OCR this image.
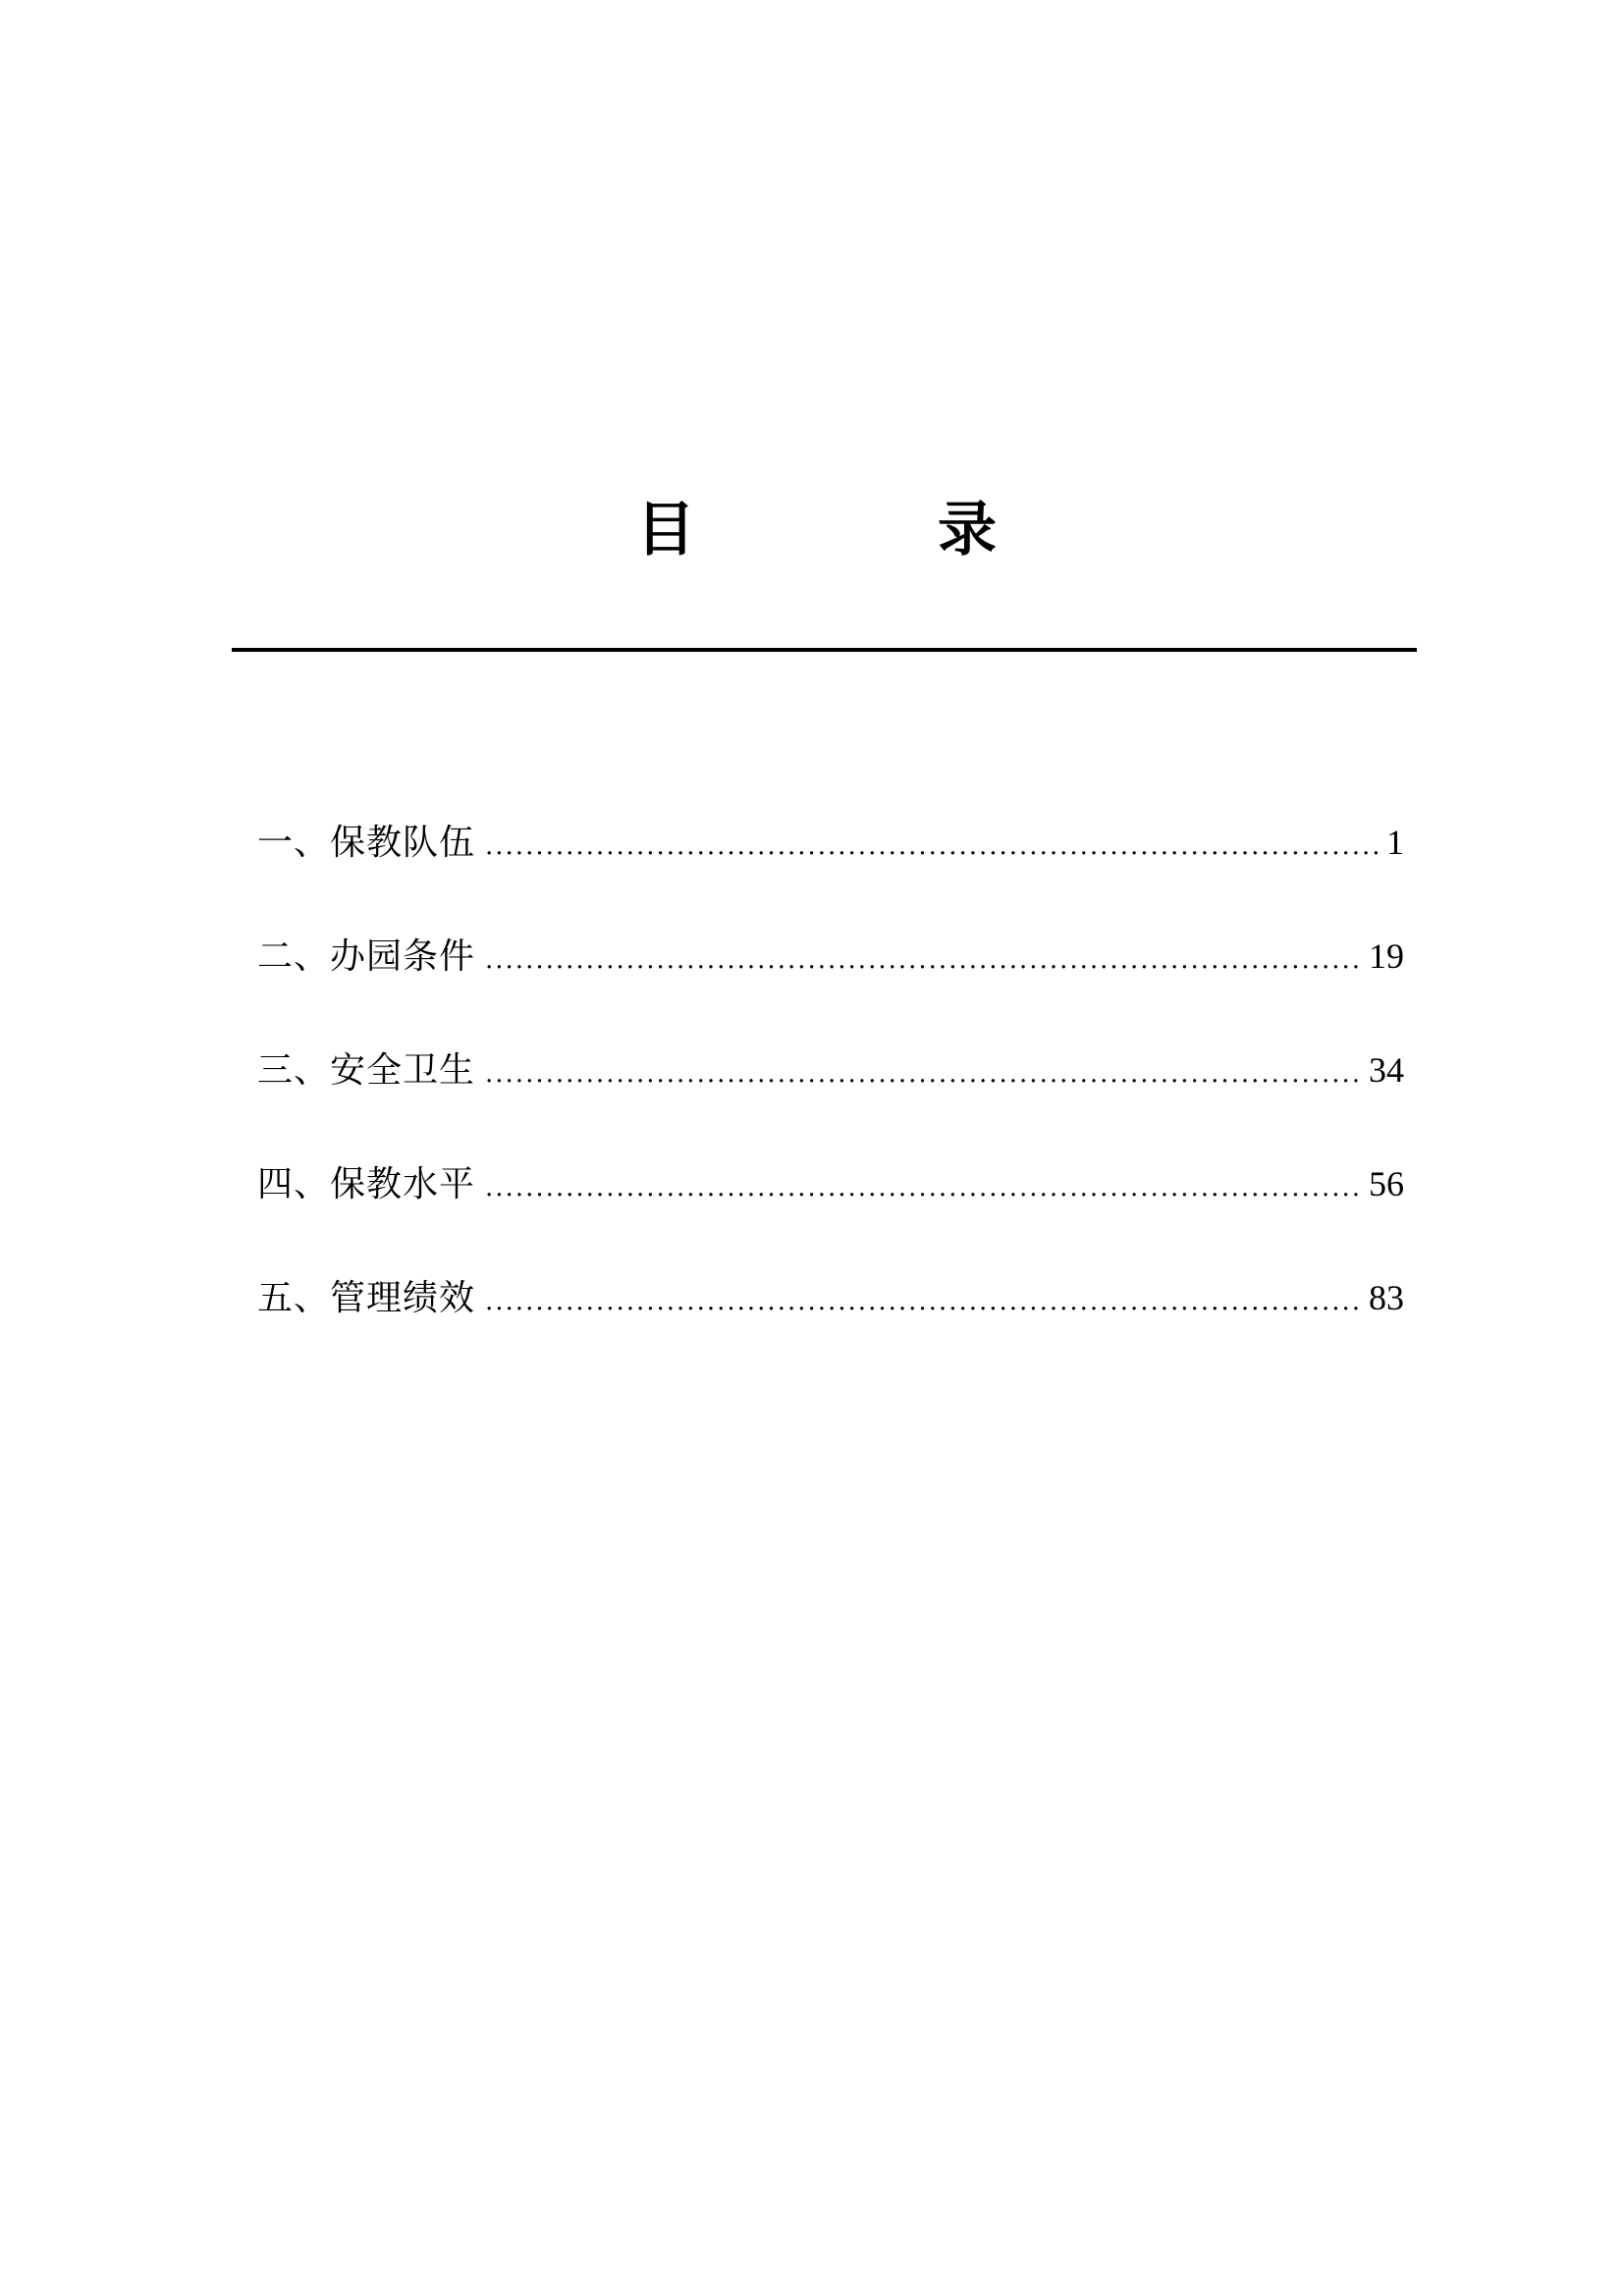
目	录
一、保教队伍 .....	1
二、办园条件 .....	19
三、安全卫生 .....	34
四、保教水平 .....	56
五、管理绩效 .....	83
